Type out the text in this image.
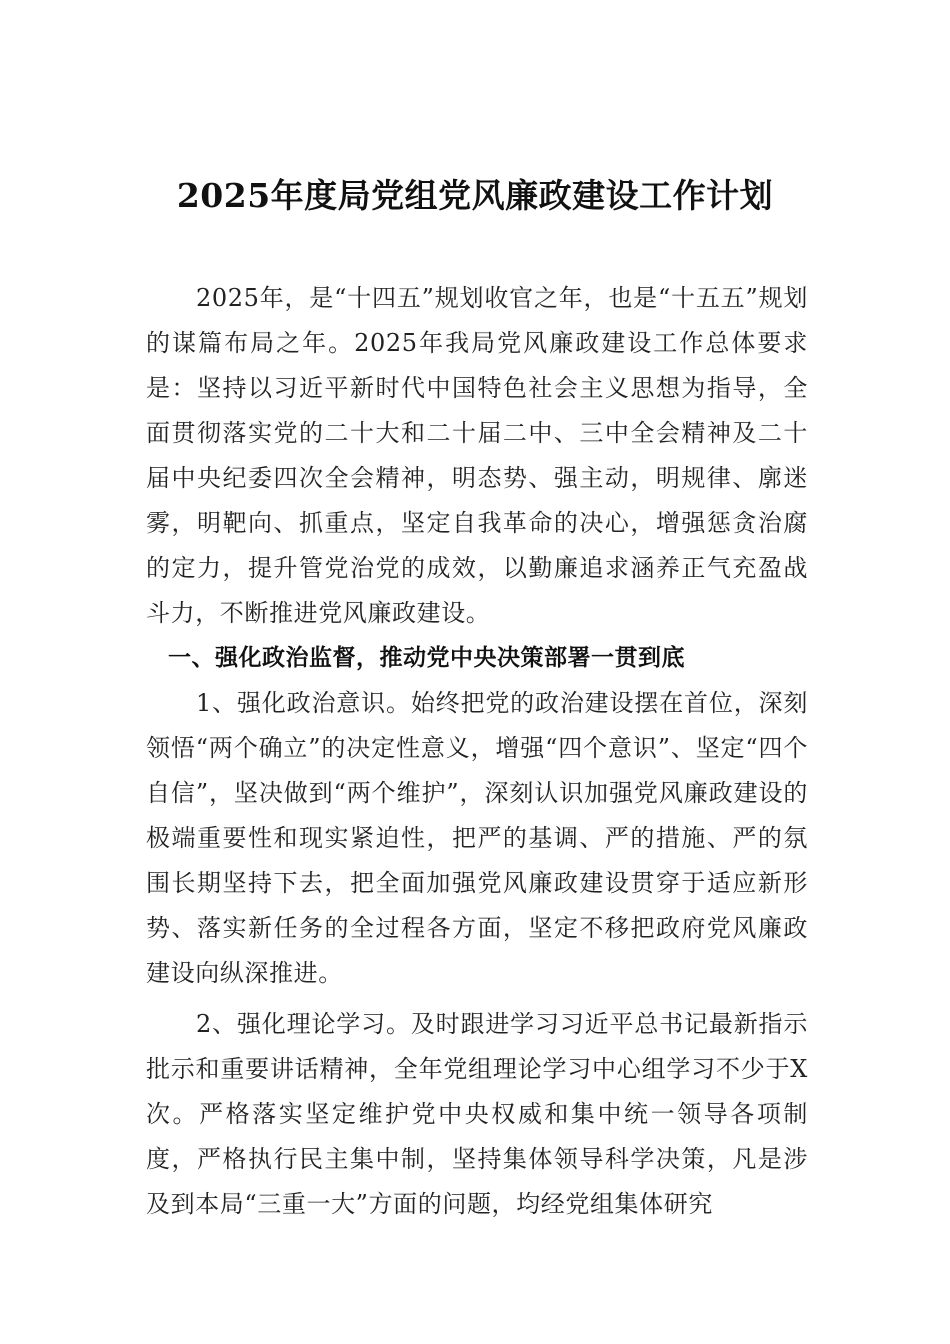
2025年度局党组党风廉政建设工作计划

2025年，是“十四五”规划收官之年，也是“十五五”规划的谋篇布局之年。2025年我局党风廉政建设工作总体要求是：坚持以习近平新时代中国特色社会主义思想为指导，全面贯彻落实党的二十大和二十届二中、三中全会精神及二十届中央纪委四次全会精神，明态势、强主动，明规律、廓迷雾，明靶向、抓重点，坚定自我革命的决心，增强惩贪治腐的定力，提升管党治党的成效，以勤廉追求涵养正气充盈战斗力，不断推进党风廉政建设。

一、强化政治监督，推动党中央决策部署一贯到底

1、强化政治意识。始终把党的政治建设摆在首位，深刻领悟“两个确立”的决定性意义，增强“四个意识”、坚定“四个自信”，坚决做到“两个维护”，深刻认识加强党风廉政建设的极端重要性和现实紧迫性，把严的基调、严的措施、严的氛围长期坚持下去，把全面加强党风廉政建设贯穿于适应新形势、落实新任务的全过程各方面，坚定不移把政府党风廉政建设向纵深推进。

2、强化理论学习。及时跟进学习习近平总书记最新指示批示和重要讲话精神，全年党组理论学习中心组学习不少于X次。严格落实坚定维护党中央权威和集中统一领导各项制度，严格执行民主集中制，坚持集体领导科学决策，凡是涉及到本局“三重一大”方面的问题，均经党组集体研究
